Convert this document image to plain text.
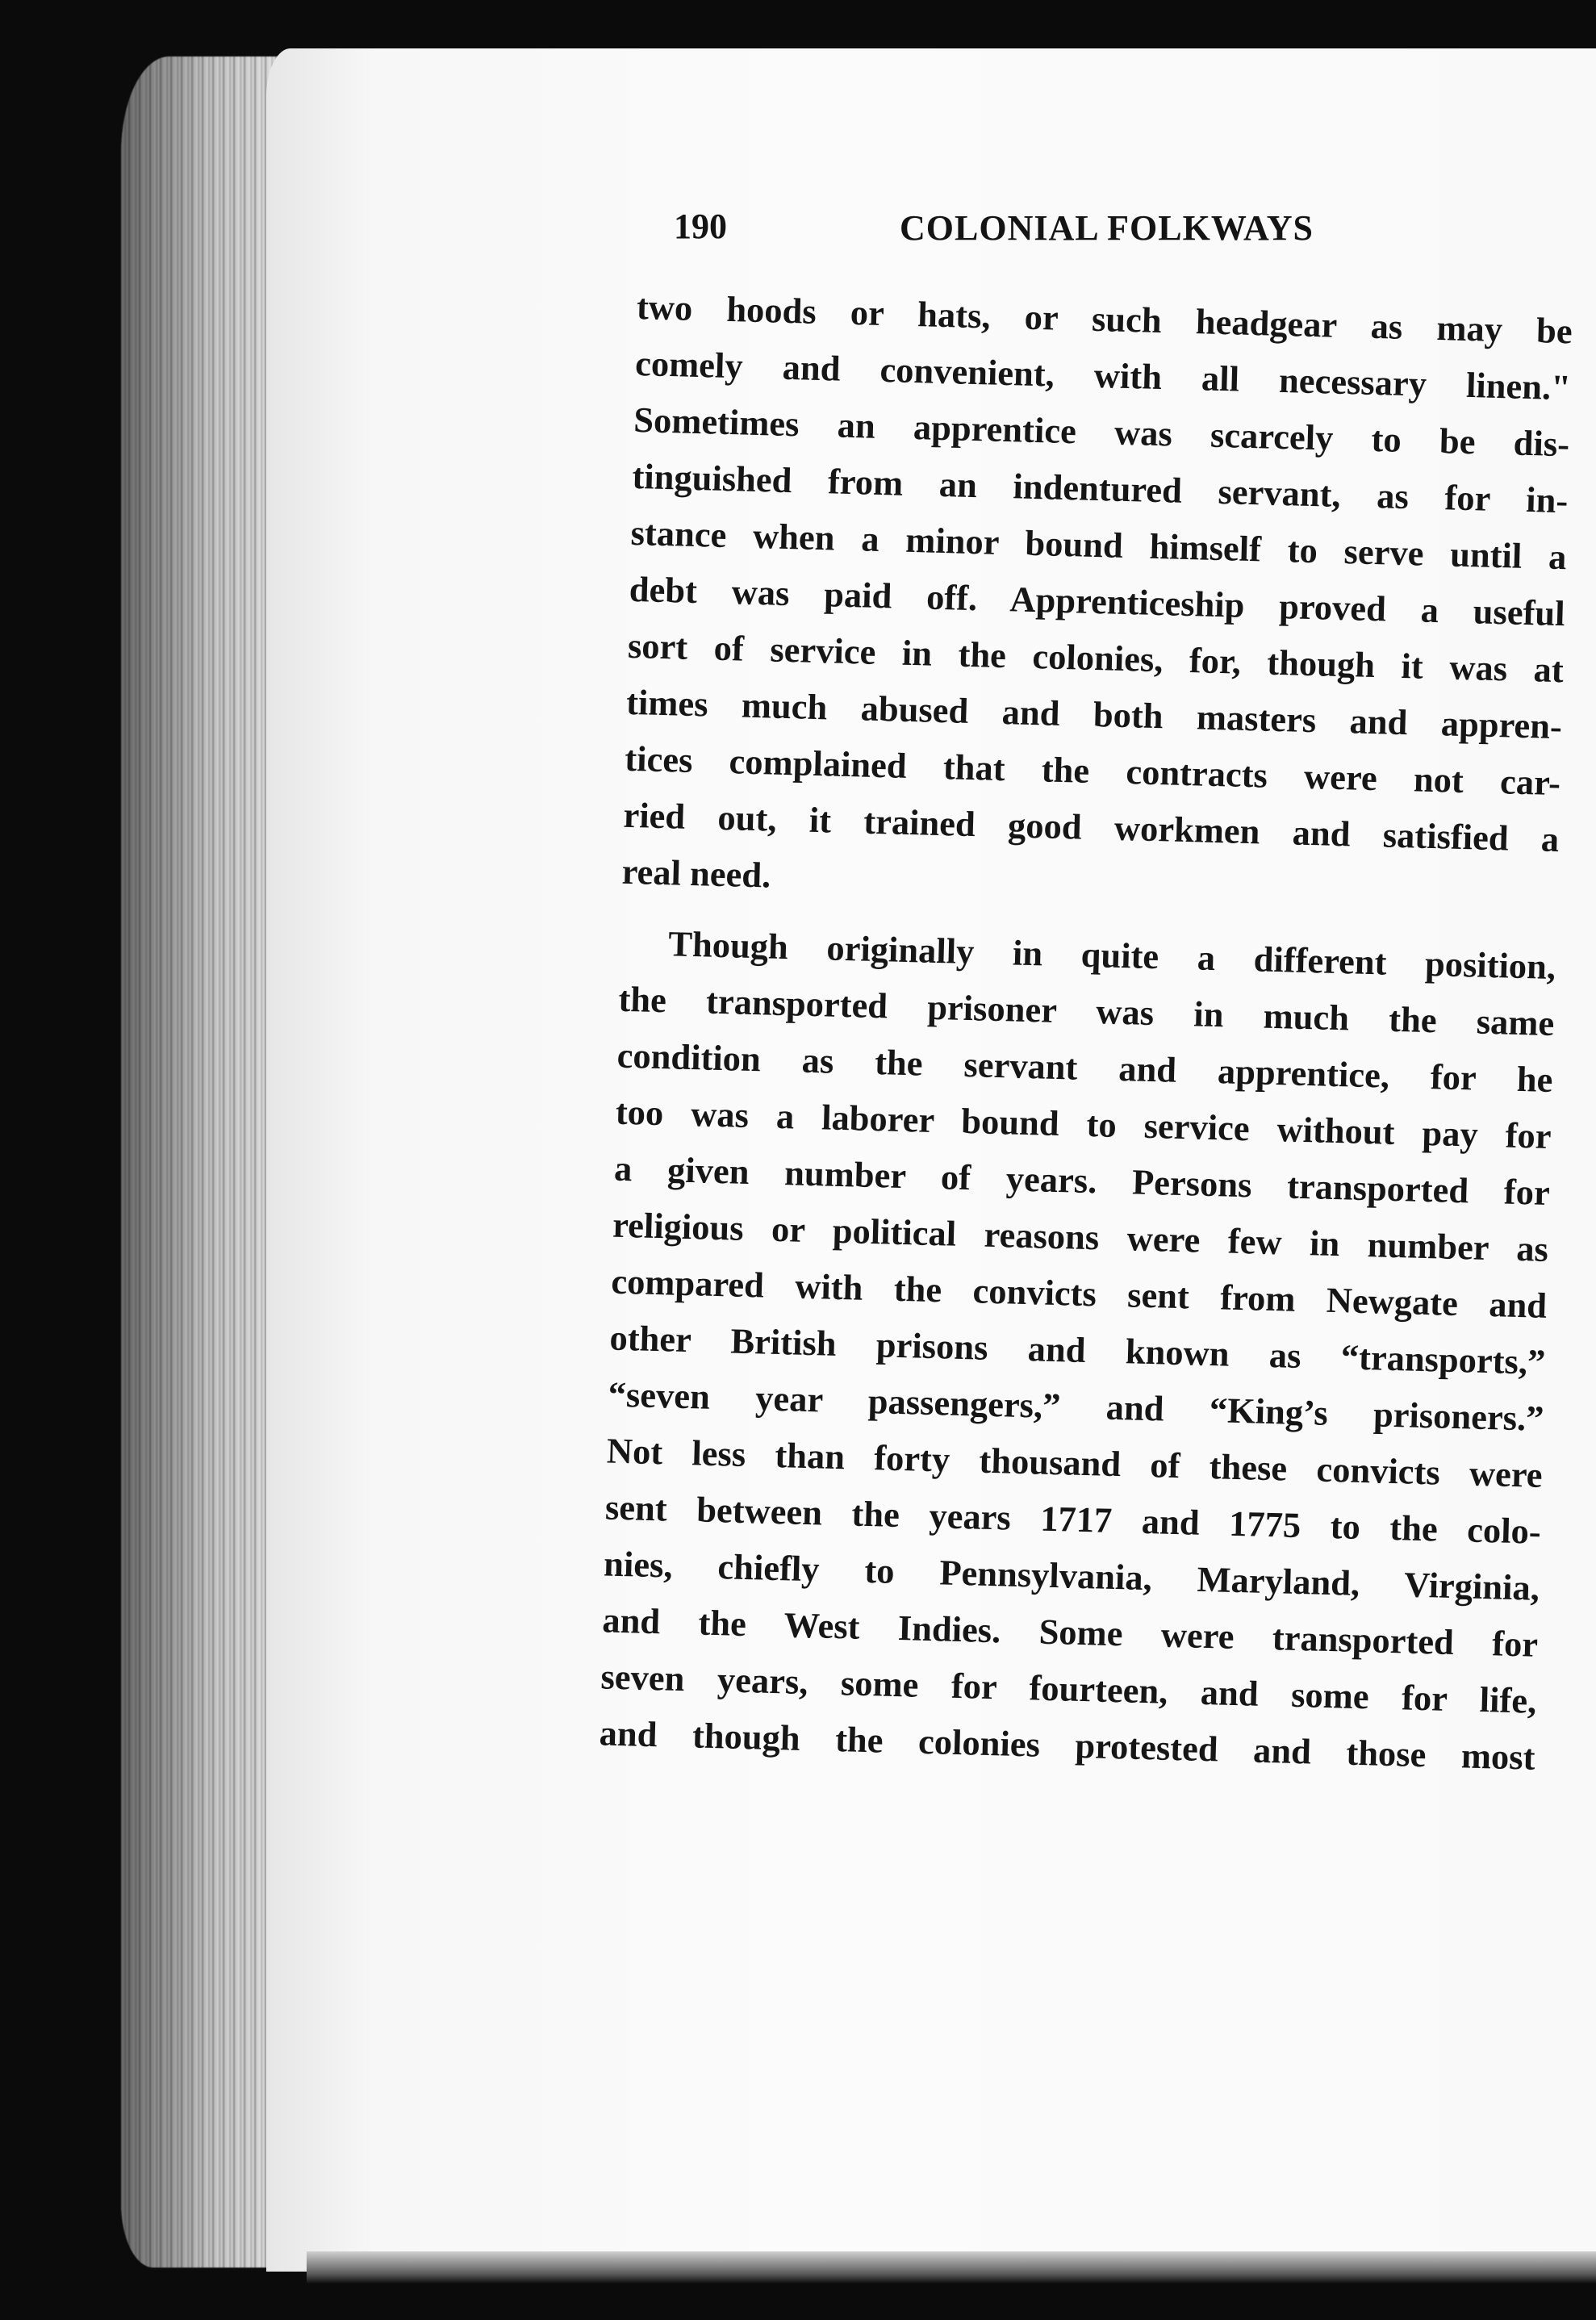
190	COLONIAL FOLKWAYS
two hoods or hats, or such headgear as may be
comely and convenient, with all necessary linen."
Sometimes an apprentice was scarcely to be dis-
tinguished from an indentured servant, as for in-
stance when a minor bound himself to serve until a
debt was paid off. Apprenticeship proved a useful
sort of service in the colonies, for, though it was at
times much abused and both masters and appren-
tices complained that the contracts were not car-
ried out, it trained good workmen and satisfied a
real need.
Though originally in quite a different position,
the transported prisoner was in much the same
condition as the servant and apprentice, for he
too was a laborer bound to service without pay for
a given number of years. Persons transported for
religious or political reasons were few in number as
compared with the convicts sent from Newgate and
other British prisons and known as “transports,”
“seven year passengers,” and “King’s prisoners.”
Not less than forty thousand of these convicts were
sent between the years 1717 and 1775 to the colo-
nies, chiefly to Pennsylvania, Maryland, Virginia,
and the West Indies. Some were transported for
seven years, some for fourteen, and some for life,
and though the colonies protested and those most
